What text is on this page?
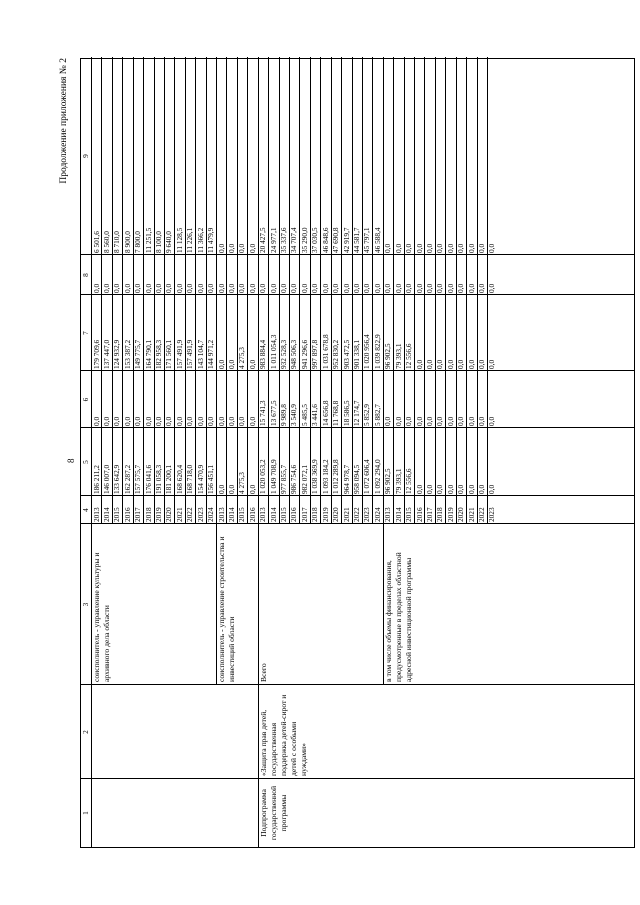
Продолжение приложения № 2
8
1
2
3
4
5
6
7
8
9
соисполнитель - управление культуры и архивного дела области
2013
186 211,2
0,0
179 709,6
0,0
6 501,6
2014
146 007,0
0,0
137 447,0
0,0
8 560,0
2015
133 642,9
0,0
124 932,9
0,0
8 710,0
2016
162 287,2
0,0
153 387,2
0,0
8 900,0
2017
157 575,7
0,0
149 775,7
0,0
7 800,0
2018
176 041,6
0,0
164 790,1
0,0
11 251,5
2019
191 058,3
0,0
182 958,3
0,0
8 100,0
2020
181 200,1
0,0
171 560,1
0,0
9 640,0
2021
168 620,4
0,0
157 491,9
0,0
11 128,5
2022
168 718,0
0,0
157 491,9
0,0
11 226,1
2023
154 470,9
0,0
143 104,7
0,0
11 366,2
2024
156 451,1
0,0
144 971,2
0,0
11 479,9
соисполнитель - управление строительства и инвестиций области
2013
0,0
0,0
0,0
0,0
0,0
2014
0,0
0,0
0,0
0,0
0,0
2015
4 275,3
0,0
4 275,3
0,0
0,0
2016
0,0
0,0
0,0
0,0
0,0
Всего
Подпрограмма государственной программы
«Защита прав детей, государственная поддержка детей-сирот и детей с особыми нуждами»
2013
1 020 053,2
15 741,3
983 884,4
0,0
20 427,5
2014
1 049 708,9
13 677,5
1 011 054,3
0,0
24 977,1
2015
977 855,7
9 989,8
932 528,3
0,0
35 337,6
2016
986 754,6
3 540,9
948 506,3
0,0
34 707,4
2017
982 072,1
5 485,5
941 296,6
0,0
35 290,0
2018
1 038 369,9
3 441,6
997 897,8
0,0
37 030,5
2019
1 093 184,2
14 656,8
1 031 678,8
0,0
46 848,6
2020
1 012 289,8
11 768,8
952 830,2
0,0
47 690,8
2021
964 978,7
18 586,5
903 472,5
0,0
42 919,7
2022
958 094,5
12 174,7
901 338,1
0,0
44 581,7
2023
1 072 606,4
5 852,9
1 020 956,4
0,0
45 797,1
2024
1 092 294,0
5 882,7
1 039 822,9
0,0
46 588,4
в том числе объемы финансирования, предусмотренные в пределах областной адресной инвестиционной программы
2013
96 902,5
0,0
96 902,5
0,0
0,0
2014
79 393,1
0,0
79 393,1
0,0
0,0
2015
12 556,6
0,0
12 556,6
0,0
0,0
2016
0,0
0,0
0,0
0,0
0,0
2017
0,0
0,0
0,0
0,0
0,0
2018
0,0
0,0
0,0
0,0
0,0
2019
0,0
0,0
0,0
0,0
0,0
2020
0,0
0,0
0,0
0,0
0,0
2021
0,0
0,0
0,0
0,0
0,0
2022
0,0
0,0
0,0
0,0
0,0
2023
0,0
0,0
0,0
0,0
0,0
